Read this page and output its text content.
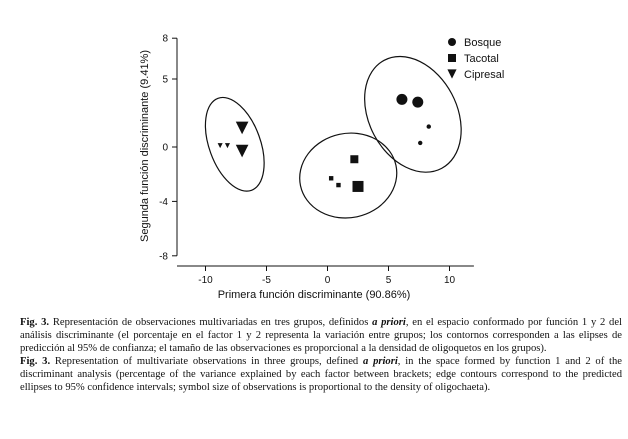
8
5
0
-4
-8
-10	-5	0	5	10
Bosque
Tacotal
Cipresal
Primera función discriminante (90.86%)
Segunda función discriminante (9.41%)

Fig. 3. Representación de observaciones multivariadas en tres grupos, definidos a priori, en el espacio conformado por función 1 y 2 del análisis discriminante (el porcentaje en el factor 1 y 2 representa la variación entre grupos; los contornos corresponden a las elipses de predicción al 95% de confianza; el tamaño de las observaciones es proporcional a la densidad de oligoquetos en los grupos).

Fig. 3. Representation of multivariate observations in three groups, defined a priori, in the space formed by function 1 and 2 of the discriminant analysis (percentage of the variance explained by each factor between brackets; edge contours correspond to the predicted ellipses to 95% confidence intervals; symbol size of observations is proportional to the density of oligochaeta).
